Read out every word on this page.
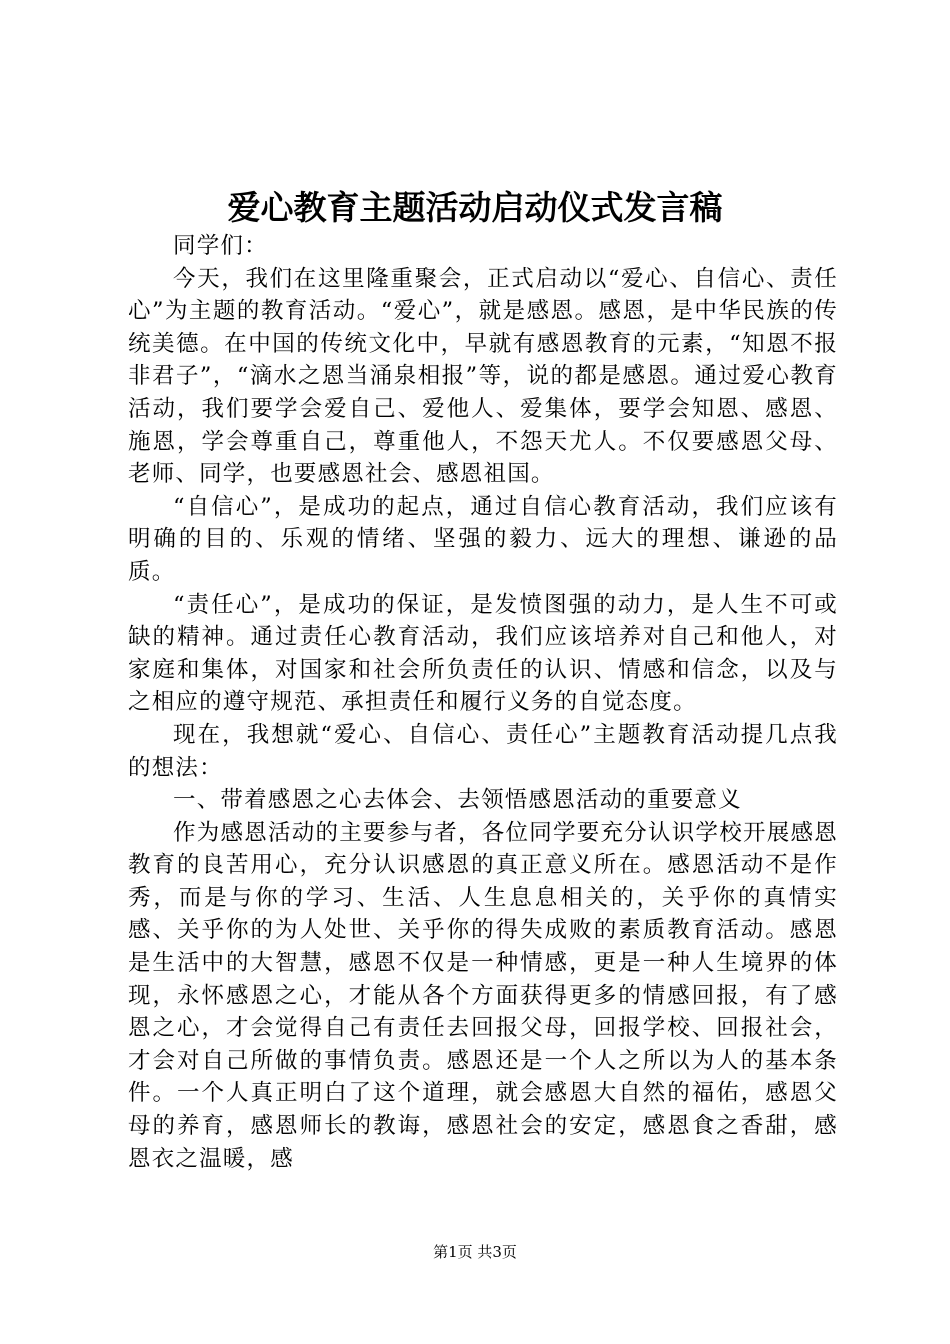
爱心教育主题活动启动仪式发言稿

同学们：

今天，我们在这里隆重聚会，正式启动以“爱心、自信心、责任心”为主题的教育活动。“爱心”，就是感恩。感恩，是中华民族的传统美德。在中国的传统文化中，早就有感恩教育的元素，“知恩不报非君子”，“滴水之恩当涌泉相报”等，说的都是感恩。通过爱心教育活动，我们要学会爱自己、爱他人、爱集体，要学会知恩、感恩、施恩，学会尊重自己，尊重他人，不怨天尤人。不仅要感恩父母、老师、同学，也要感恩社会、感恩祖国。

“自信心”，是成功的起点，通过自信心教育活动，我们应该有明确的目的、乐观的情绪、坚强的毅力、远大的理想、谦逊的品质。

“责任心”，是成功的保证，是发愤图强的动力，是人生不可或缺的精神。通过责任心教育活动，我们应该培养对自己和他人，对家庭和集体，对国家和社会所负责任的认识、情感和信念，以及与之相应的遵守规范、承担责任和履行义务的自觉态度。

现在，我想就“爱心、自信心、责任心”主题教育活动提几点我的想法：

一、带着感恩之心去体会、去领悟感恩活动的重要意义

作为感恩活动的主要参与者，各位同学要充分认识学校开展感恩教育的良苦用心，充分认识感恩的真正意义所在。感恩活动不是作秀，而是与你的学习、生活、人生息息相关的，关乎你的真情实感、关乎你的为人处世、关乎你的得失成败的素质教育活动。感恩是生活中的大智慧，感恩不仅是一种情感，更是一种人生境界的体现，永怀感恩之心，才能从各个方面获得更多的情感回报，有了感恩之心，才会觉得自己有责任去回报父母，回报学校、回报社会，才会对自己所做的事情负责。感恩还是一个人之所以为人的基本条件。一个人真正明白了这个道理，就会感恩大自然的福佑，感恩父母的养育，感恩师长的教诲，感恩社会的安定，感恩食之香甜，感恩衣之温暖，感

第1页 共3页
